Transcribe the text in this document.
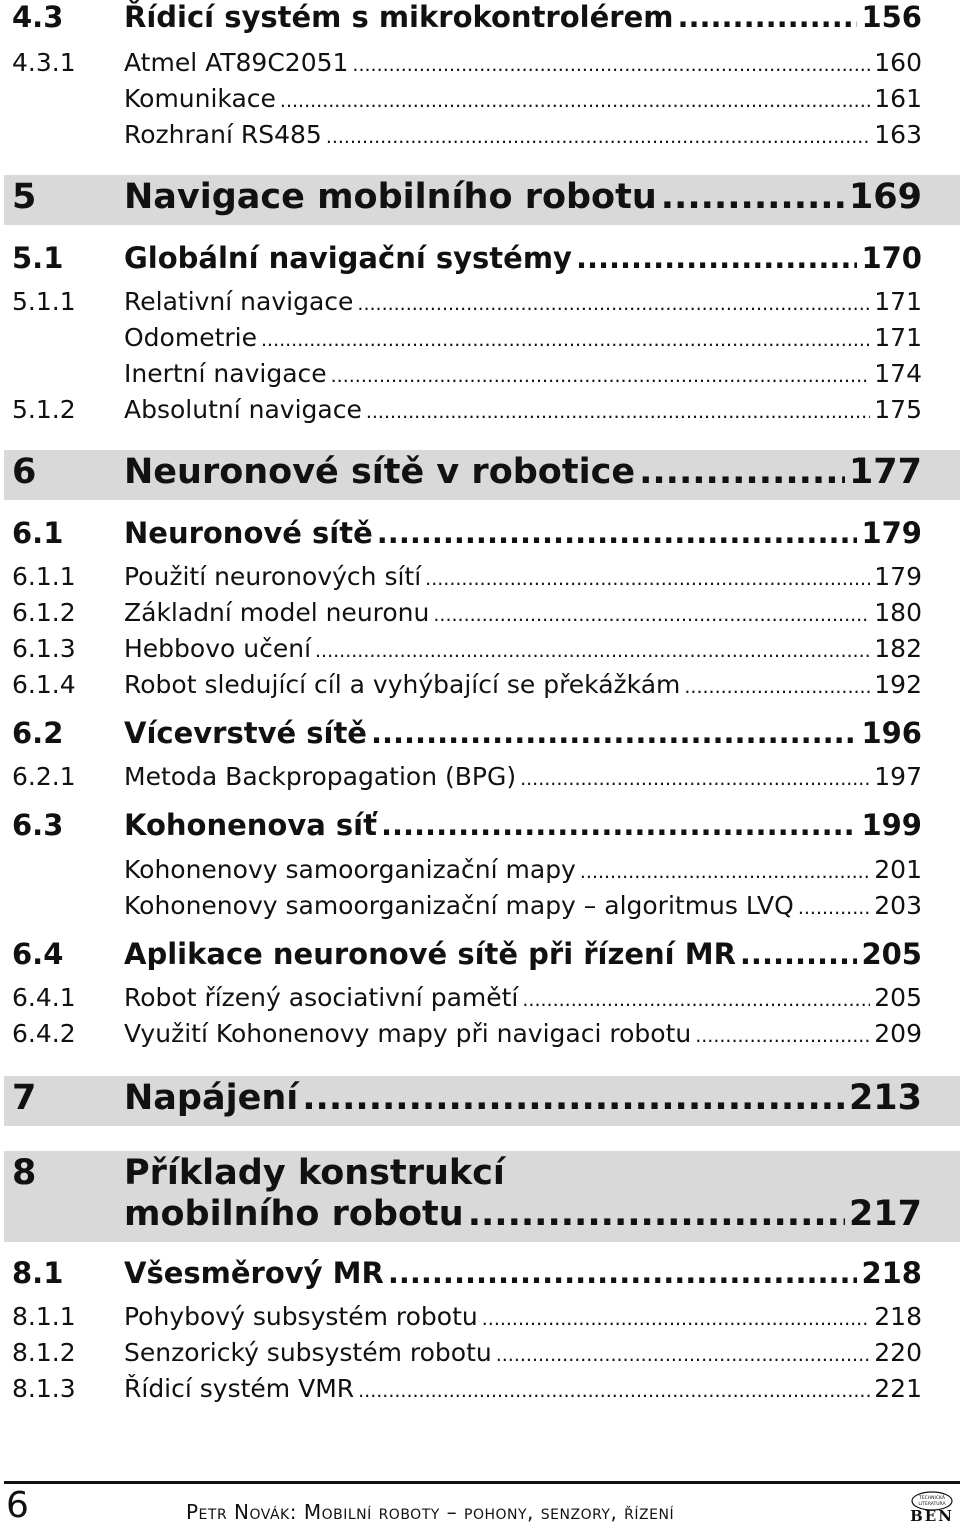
4.3 Řídicí systém s mikrokontrolérem .....	156
4.3.1 Atmel AT89C2051 .....	160
Komunikace .....	161
Rozhraní RS485 .....	163
5	Navigace mobilního robotu .....	169
5.1 Globální navigační systémy .....	170
5.1.1 Relativní navigace .....	171
Odometrie .....	171
Inertní navigace .....	174
5.1.2 Absolutní navigace .....	175
6	Neuronové sítě v robotice .....	177
6.1 Neuronové sítě .....	179
6.1.1 Použití neuronových sítí .....	179
6.1.2 Základní model neuronu .....	180
6.1.3 Hebbovo učení .....	182
6.1.4 Robot sledující cíl a vyhýbající se překážkám .....	192
6.2 Vícevrstvé sítě .....	196
6.2.1 Metoda Backpropagation (BPG) .....	197
6.3 Kohonenova síť .....	199
Kohonenovy samoorganizační mapy .....	201
Kohonenovy samoorganizační mapy – algoritmus LVQ .....	203
6.4 Aplikace neuronové sítě při řízení MR .....	205
6.4.1 Robot řízený asociativní pamětí .....	205
6.4.2 Využití Kohonenovy mapy při navigaci robotu .....	209
7	Napájení .....	213
8	Příklady konstrukcí
mobilního robotu .....	217
8.1 Všesměrový MR .....	218
8.1.1 Pohybový subsystém robotu .....	218
8.1.2 Senzorický subsystém robotu .....	220
8.1.3 Řídicí systém VMR .....	221
6	Petr Novák: Mobilní roboty – pohony, senzory, řízení
TECHNICKÁ
LITERATURA
BEN
